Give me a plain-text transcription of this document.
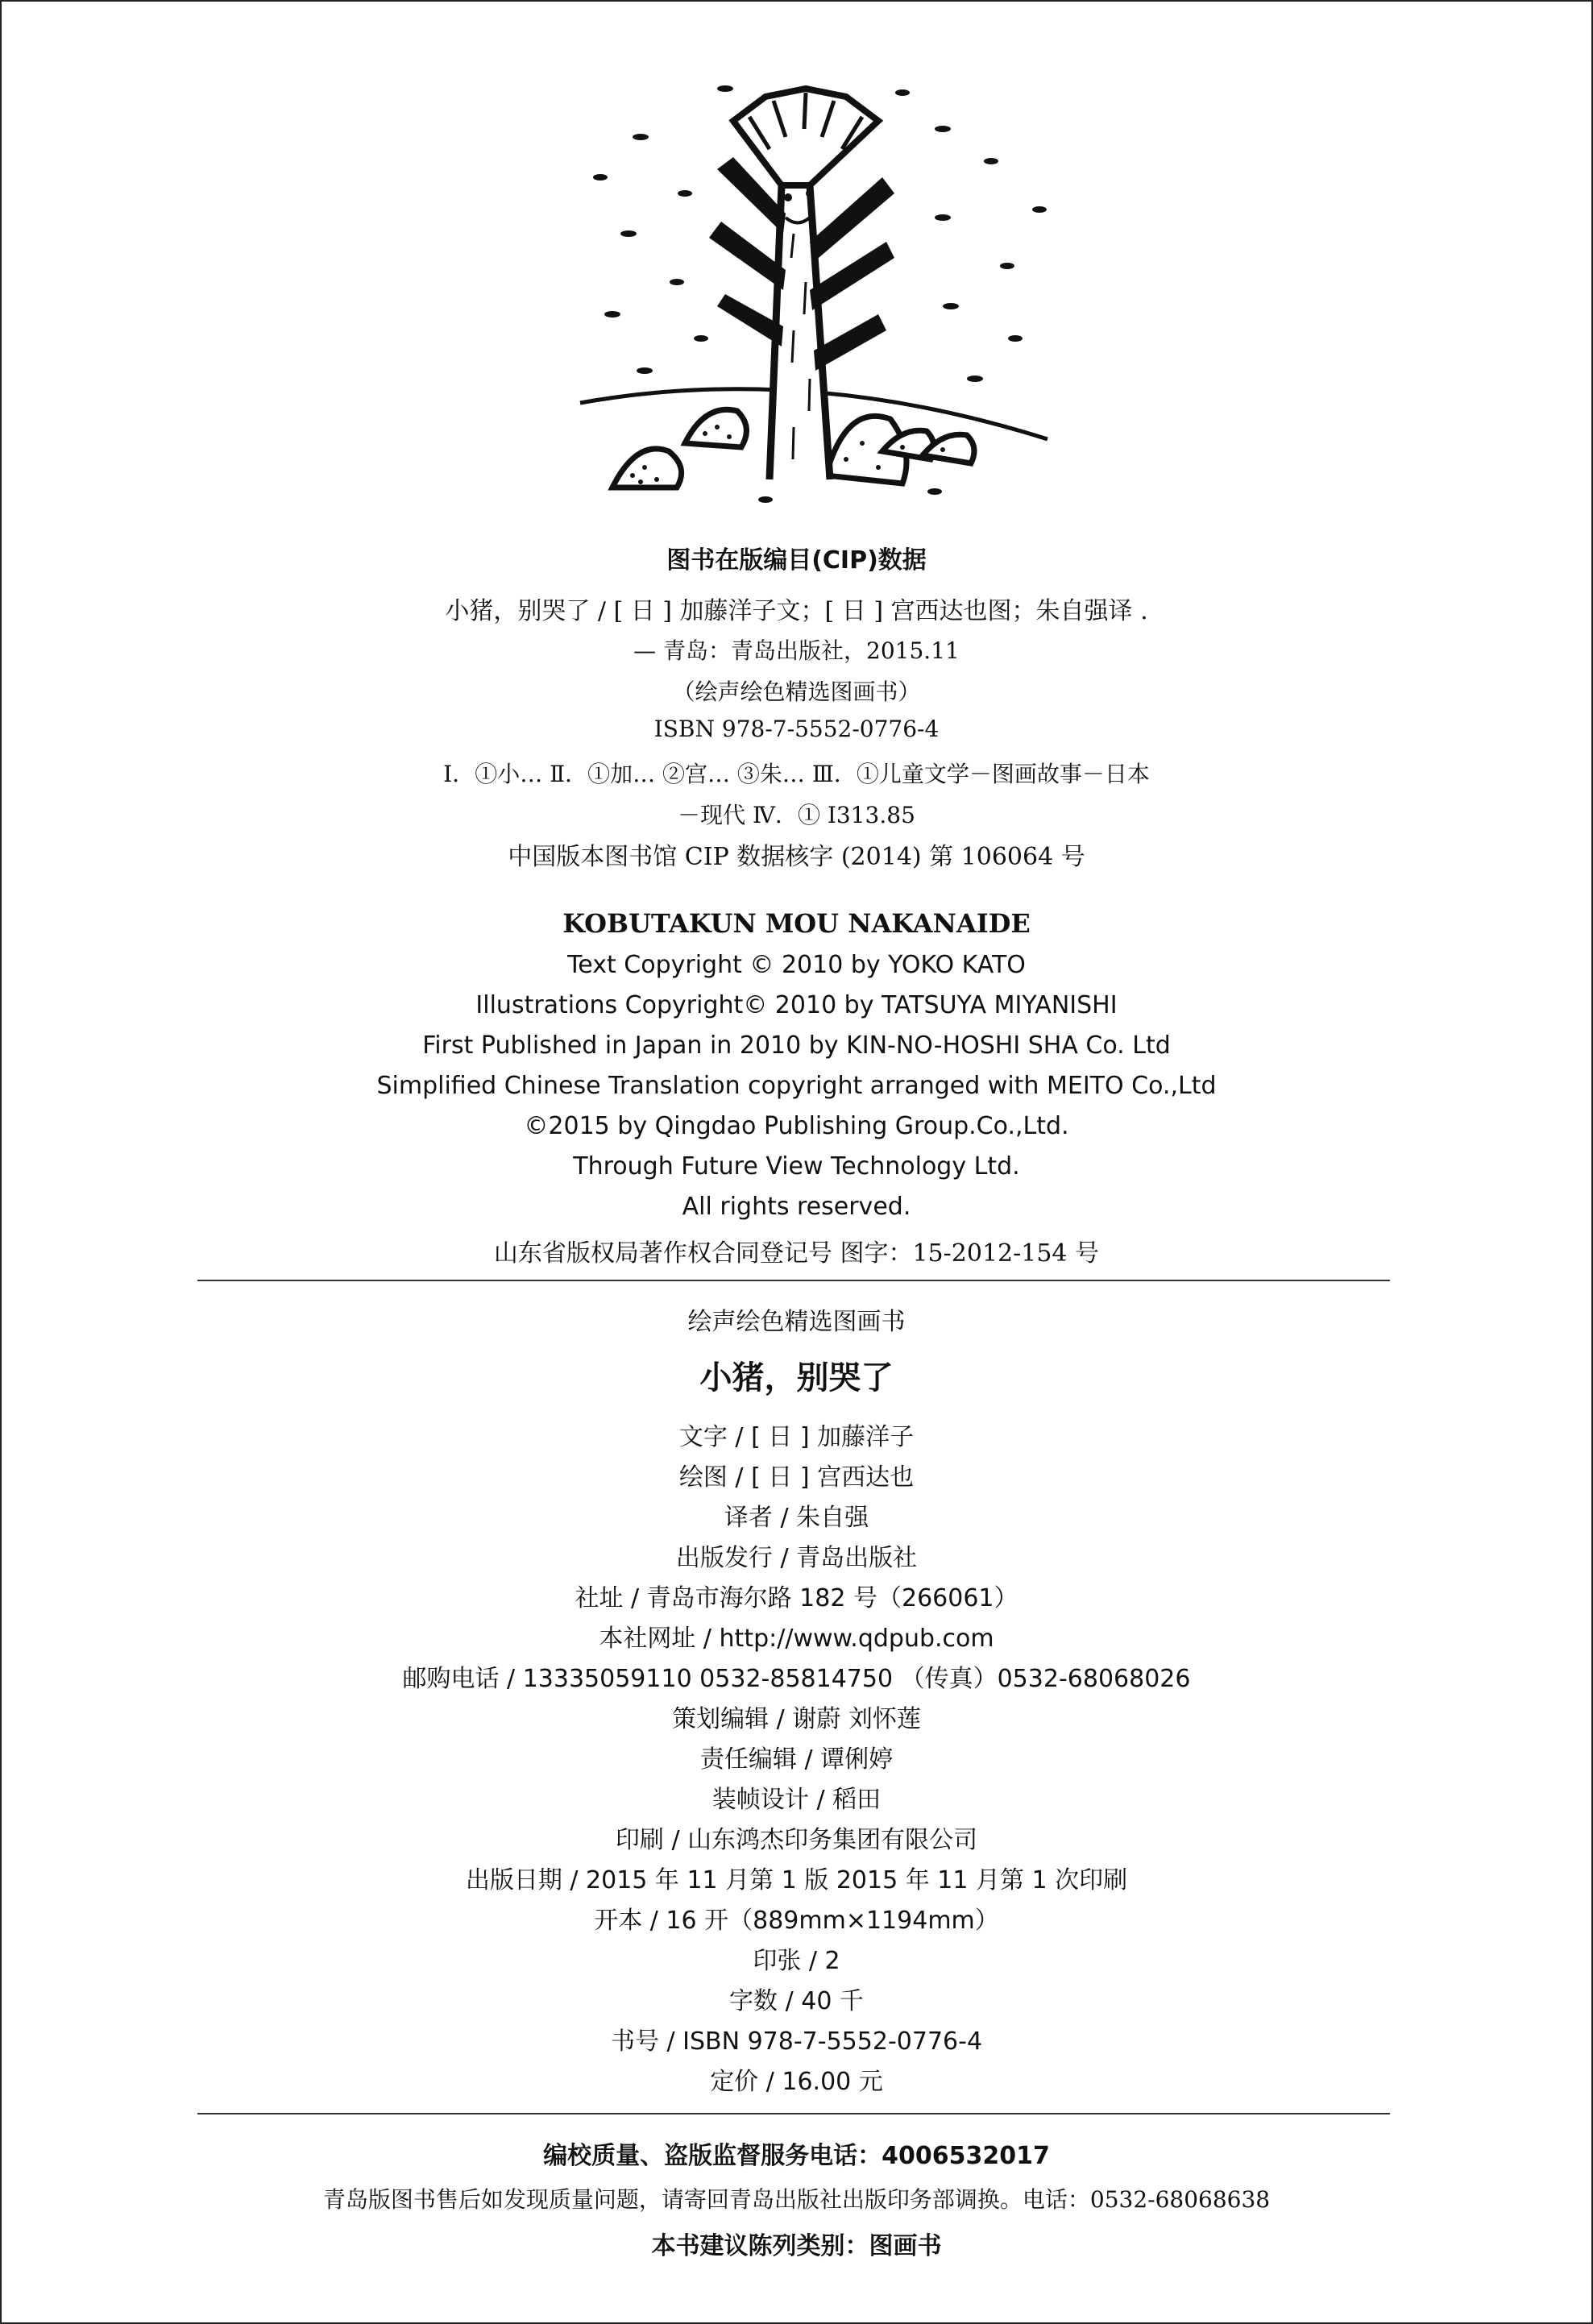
图书在版编目(CIP)数据
小猪，别哭了 / [ 日 ] 加藤洋子文；[ 日 ] 宫西达也图；朱自强译 .
— 青岛：青岛出版社，2015.11
（绘声绘色精选图画书）
ISBN 978-7-5552-0776-4
Ⅰ．①小… Ⅱ．①加… ②宫… ③朱… Ⅲ．①儿童文学－图画故事－日本
－现代 Ⅳ．① I313.85
中国版本图书馆 CIP 数据核字 (2014) 第 106064 号
KOBUTAKUN MOU NAKANAIDE
Text Copyright © 2010 by YOKO KATO
Illustrations Copyright© 2010 by TATSUYA MIYANISHI
First Published in Japan in 2010 by KIN-NO-HOSHI SHA Co. Ltd
Simplified Chinese Translation copyright arranged with MEITO Co.,Ltd
©2015 by Qingdao Publishing Group.Co.,Ltd.
Through Future View Technology Ltd.
All rights reserved.
山东省版权局著作权合同登记号 图字：15-2012-154 号
绘声绘色精选图画书
小猪，别哭了
文字 / [ 日 ] 加藤洋子
绘图 / [ 日 ] 宫西达也
译者 / 朱自强
出版发行 / 青岛出版社
社址 / 青岛市海尔路 182 号（266061）
本社网址 / http://www.qdpub.com
邮购电话 / 13335059110 0532-85814750 （传真）0532-68068026
策划编辑 / 谢蔚 刘怀莲
责任编辑 / 谭俐婷
装帧设计 / 稻田
印刷 / 山东鸿杰印务集团有限公司
出版日期 / 2015 年 11 月第 1 版 2015 年 11 月第 1 次印刷
开本 / 16 开（889mm×1194mm）
印张 / 2
字数 / 40 千
书号 / ISBN 978-7-5552-0776-4
定价 / 16.00 元
编校质量、盗版监督服务电话：4006532017
青岛版图书售后如发现质量问题，请寄回青岛出版社出版印务部调换。电话：0532-68068638
本书建议陈列类别：图画书
